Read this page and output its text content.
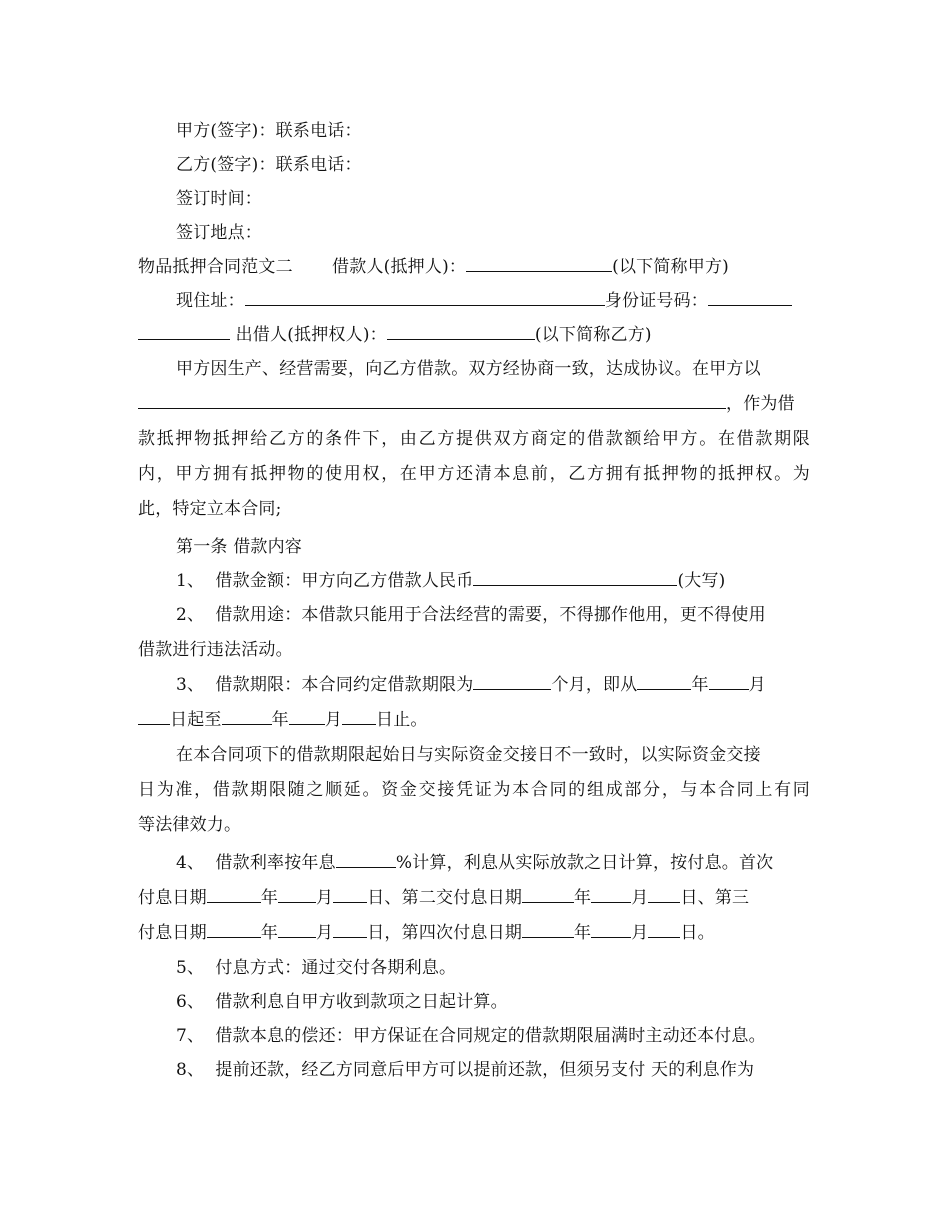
甲方(签字)：联系电话：
乙方(签字)：联系电话：
签订时间：
签订地点：
物品抵押合同范文二 借款人(抵押人)：	(以下简称甲方)
现住址：	身份证号码：
出借人(抵押权人)：	(以下简称乙方)
甲方因生产、经营需要，向乙方借款。双方经协商一致，达成协议。在甲方以
，作为借
款抵押物抵押给乙方的条件下，由乙方提供双方商定的借款额给甲方。在借款期限
内，甲方拥有抵押物的使用权，在甲方还清本息前，乙方拥有抵押物的抵押权。为
此，特定立本合同;
第一条 借款内容
1、  借款金额：甲方向乙方借款人民币	(大写)
2、  借款用途：本借款只能用于合法经营的需要，不得挪作他用，更不得使用
借款进行违法活动。
3、  借款期限：本合同约定借款期限为	个月，即从	年 月
日起至	年 月 日止。
在本合同项下的借款期限起始日与实际资金交接日不一致时，以实际资金交接
日为准，借款期限随之顺延。资金交接凭证为本合同的组成部分，与本合同上有同
等法律效力。
4、  借款利率按年息	%计算，利息从实际放款之日计算，按付息。首次
付息日期	年 月 日、第二交付息日期	年 月 日、第三
付息日期	年 月 日，第四次付息日期	年 月 日。
5、  付息方式：通过交付各期利息。
6、  借款利息自甲方收到款项之日起计算。
7、  借款本息的偿还：甲方保证在合同规定的借款期限届满时主动还本付息。
8、  提前还款，经乙方同意后甲方可以提前还款，但须另支付 天的利息作为
